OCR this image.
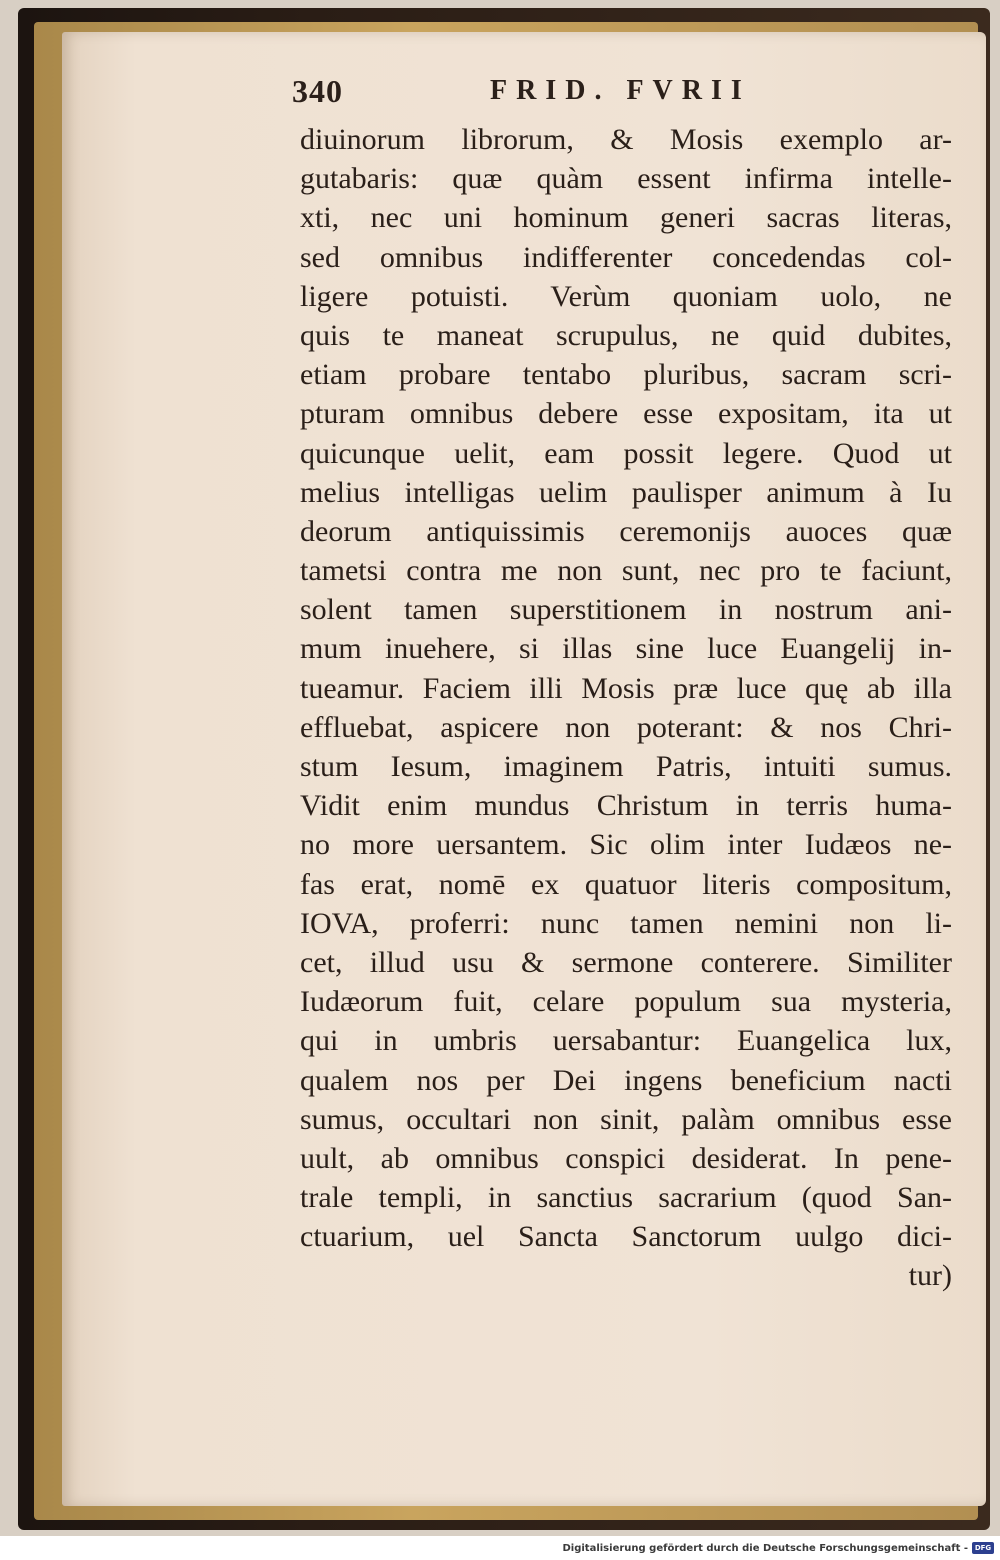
340	FRID. FVRII
diuinorum librorum, & Mosis exemplo ar-
gutabaris: quæ quàm essent infirma intelle-
xti, nec uni hominum generi sacras literas,
sed omnibus indifferenter concedendas col-
ligere potuisti. Verùm quoniam uolo, ne
quis te maneat scrupulus, ne quid dubites,
etiam probare tentabo pluribus, sacram scri-
pturam omnibus debere esse expositam, ita ut
quicunque uelit, eam possit legere. Quod ut
melius intelligas uelim paulisper animum à Iu
deorum antiquissimis ceremonijs auoces quæ
tametsi contra me non sunt, nec pro te faciunt,
solent tamen superstitionem in nostrum ani-
mum inuehere, si illas sine luce Euangelij in-
tueamur. Faciem illi Mosis præ luce quę ab illa
effluebat, aspicere non poterant: & nos Chri-
stum Iesum, imaginem Patris, intuiti sumus.
Vidit enim mundus Christum in terris huma-
no more uersantem. Sic olim inter Iudæos ne-
fas erat, nomē ex quatuor literis compositum,
IOVA, proferri: nunc tamen nemini non li-
cet, illud usu & sermone conterere. Similiter
Iudæorum fuit, celare populum sua mysteria,
qui in umbris uersabantur: Euangelica lux,
qualem nos per Dei ingens beneficium nacti
sumus, occultari non sinit, palàm omnibus esse
uult, ab omnibus conspici desiderat. In pene-
trale templi, in sanctius sacrarium (quod San-
ctuarium, uel Sancta Sanctorum uulgo dici-
tur)
Digitalisierung gefördert durch die Deutsche Forschungsgemeinschaft - DFG
